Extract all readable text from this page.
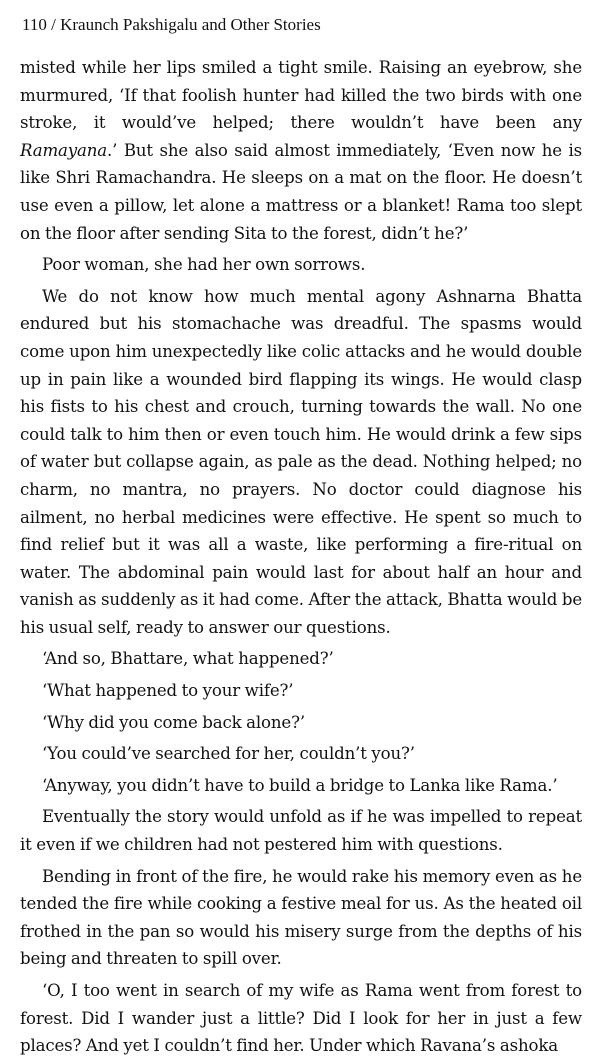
110 / Kraunch Pakshigalu and Other Stories

misted while her lips smiled a tight smile. Raising an eyebrow, she murmured, ‘If that foolish hunter had killed the two birds with one stroke, it would’ve helped; there wouldn’t have been any Ramayana.’ But she also said almost immediately, ‘Even now he is like Shri Ramachandra. He sleeps on a mat on the floor. He doesn’t use even a pillow, let alone a mattress or a blanket! Rama too slept on the floor after sending Sita to the forest, didn’t he?’

Poor woman, she had her own sorrows.

We do not know how much mental agony Ashnarna Bhatta endured but his stomachache was dreadful. The spasms would come upon him unexpectedly like colic attacks and he would double up in pain like a wounded bird flapping its wings. He would clasp his fists to his chest and crouch, turning towards the wall. No one could talk to him then or even touch him. He would drink a few sips of water but collapse again, as pale as the dead. Nothing helped; no charm, no mantra, no prayers. No doctor could diagnose his ailment, no herbal medicines were effective. He spent so much to find relief but it was all a waste, like performing a fire-ritual on water. The abdominal pain would last for about half an hour and vanish as suddenly as it had come. After the attack, Bhatta would be his usual self, ready to answer our questions.

‘And so, Bhattare, what happened?’

‘What happened to your wife?’

‘Why did you come back alone?’

‘You could’ve searched for her, couldn’t you?’

‘Anyway, you didn’t have to build a bridge to Lanka like Rama.’

Eventually the story would unfold as if he was impelled to repeat it even if we children had not pestered him with questions.

Bending in front of the fire, he would rake his memory even as he tended the fire while cooking a festive meal for us. As the heated oil frothed in the pan so would his misery surge from the depths of his being and threaten to spill over.

‘O, I too went in search of my wife as Rama went from forest to forest. Did I wander just a little? Did I look for her in just a few places? And yet I couldn’t find her. Under which Ravana’s ashoka
